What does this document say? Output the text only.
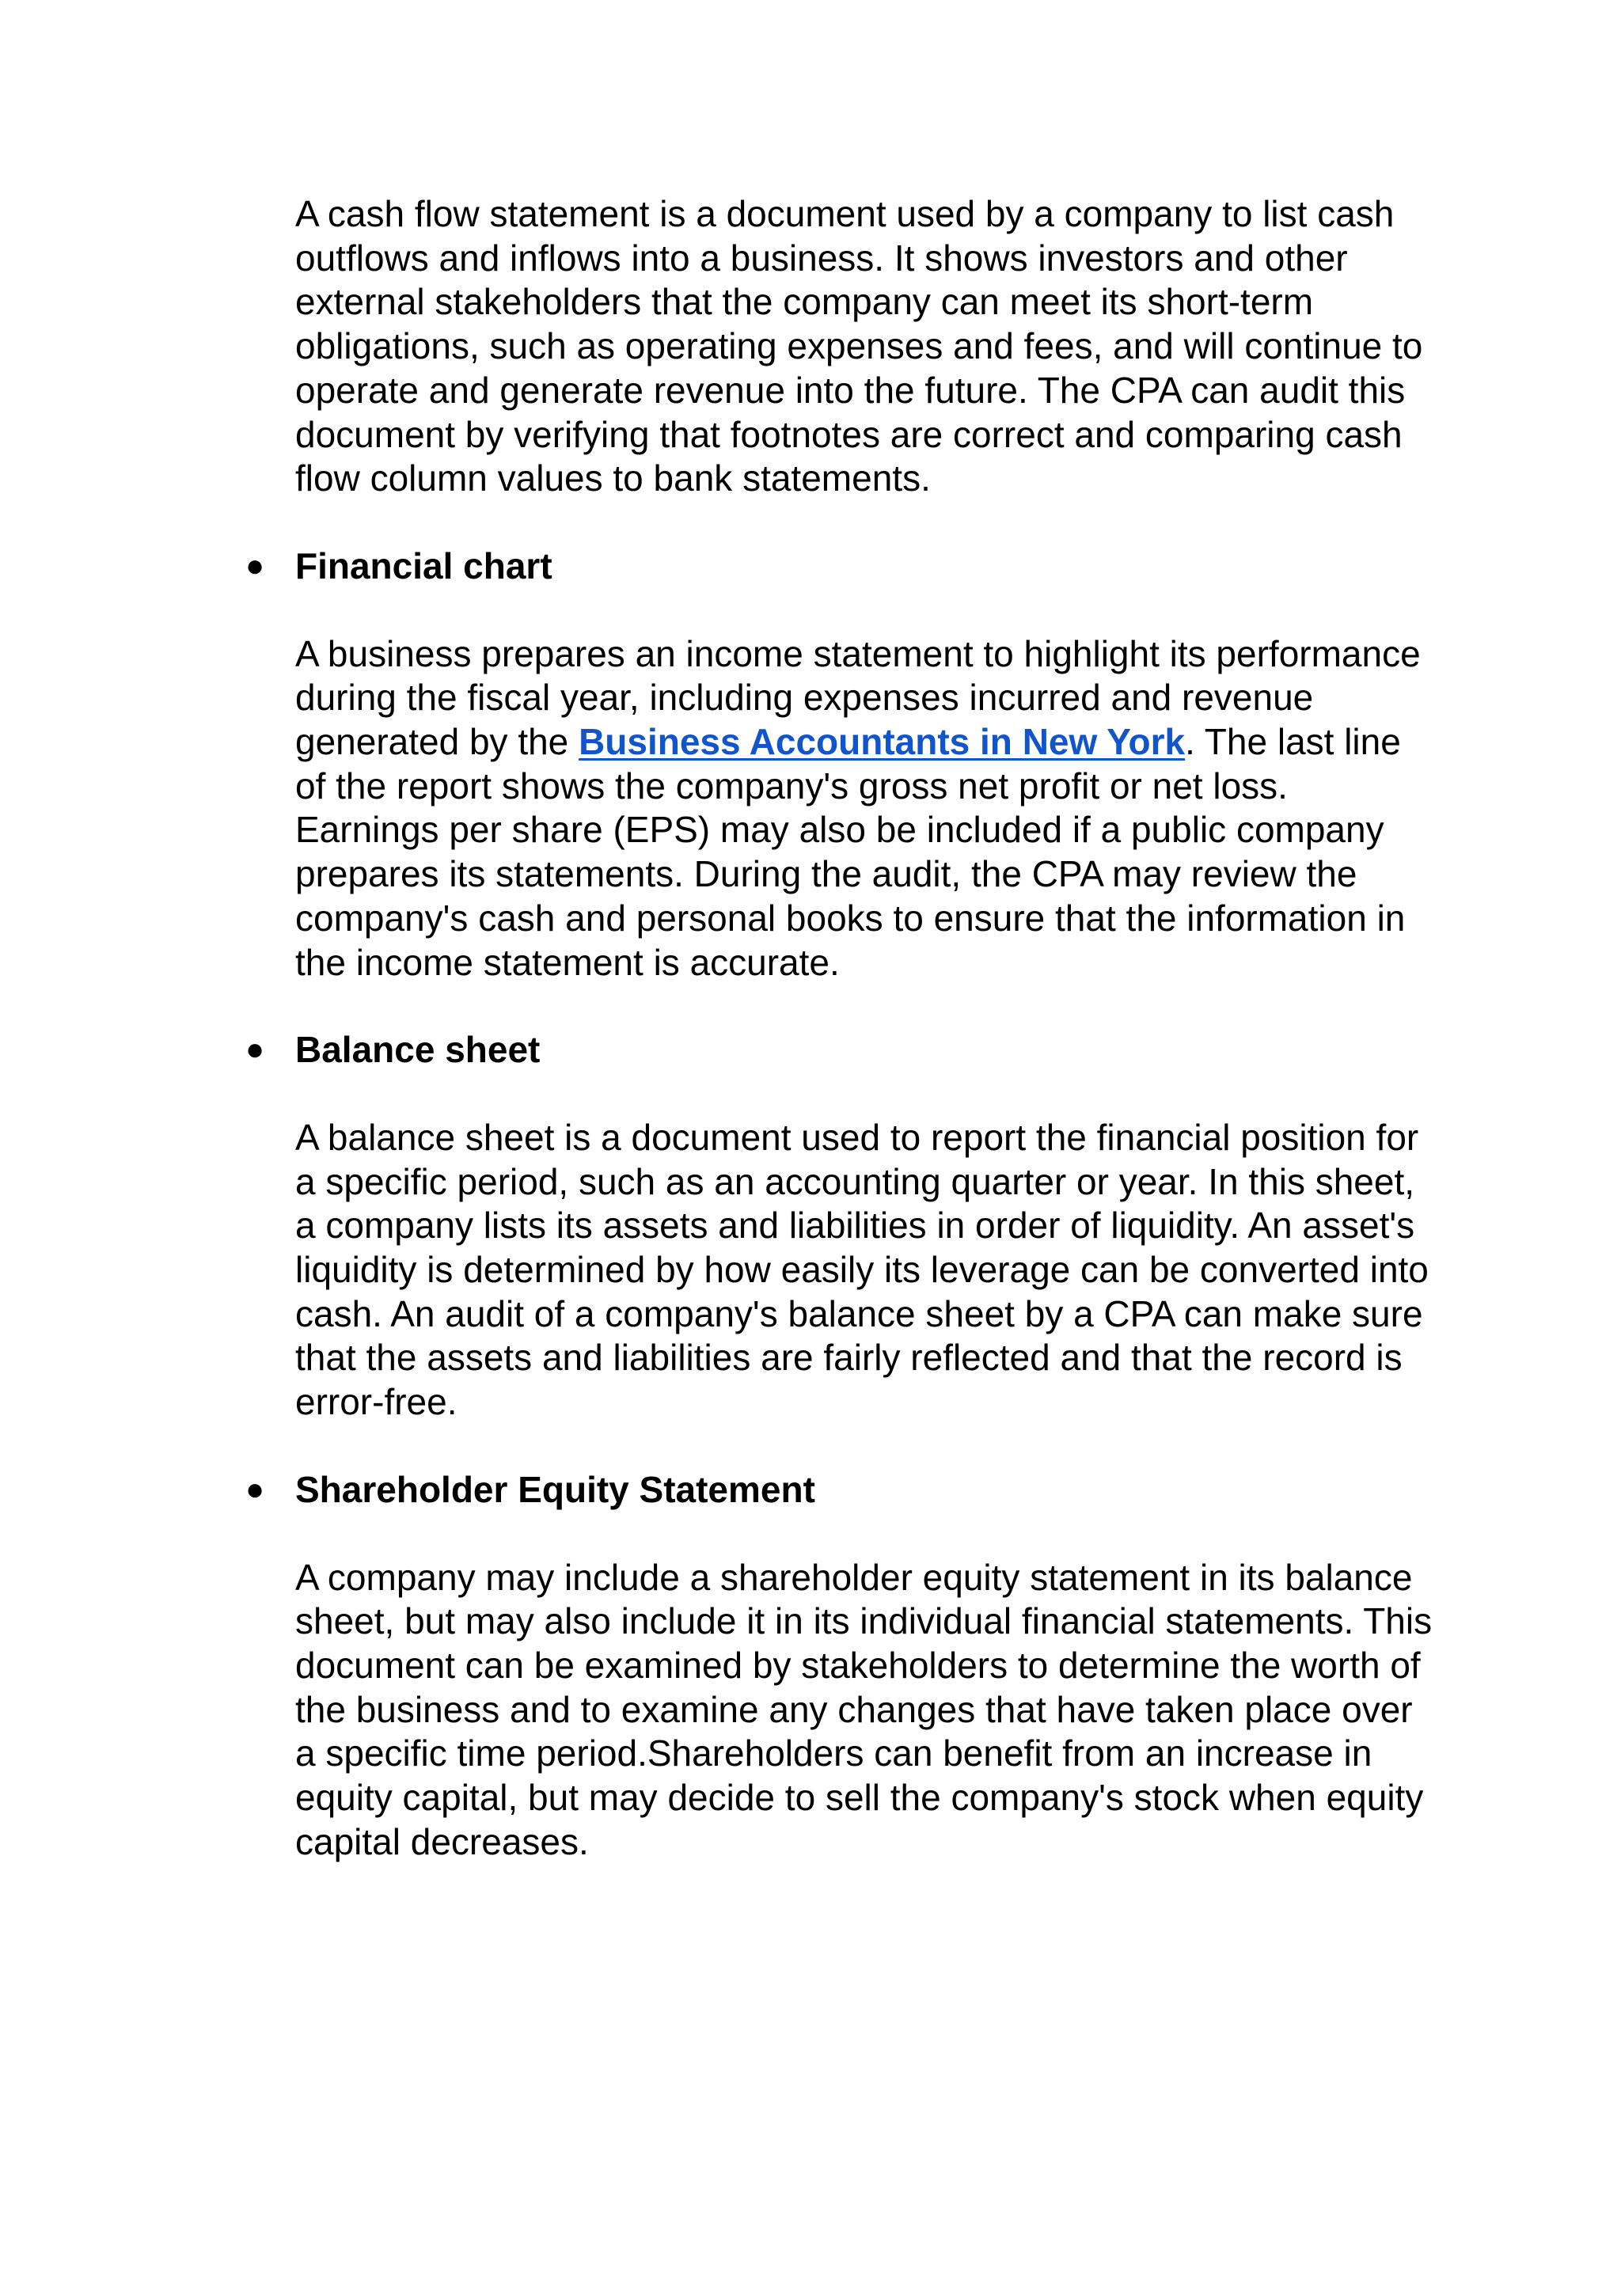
A cash flow statement is a document used by a company to list cash outflows and inflows into a business. It shows investors and other external stakeholders that the company can meet its short-term obligations, such as operating expenses and fees, and will continue to operate and generate revenue into the future. The CPA can audit this document by verifying that footnotes are correct and comparing cash flow column values to bank statements.

● Financial chart

A business prepares an income statement to highlight its performance during the fiscal year, including expenses incurred and revenue generated by the Business Accountants in New York. The last line of the report shows the company's gross net profit or net loss. Earnings per share (EPS) may also be included if a public company prepares its statements. During the audit, the CPA may review the company's cash and personal books to ensure that the information in the income statement is accurate.

● Balance sheet

A balance sheet is a document used to report the financial position for a specific period, such as an accounting quarter or year. In this sheet, a company lists its assets and liabilities in order of liquidity. An asset's liquidity is determined by how easily its leverage can be converted into cash. An audit of a company's balance sheet by a CPA can make sure that the assets and liabilities are fairly reflected and that the record is error-free.

● Shareholder Equity Statement

A company may include a shareholder equity statement in its balance sheet, but may also include it in its individual financial statements. This document can be examined by stakeholders to determine the worth of the business and to examine any changes that have taken place over a specific time period.Shareholders can benefit from an increase in equity capital, but may decide to sell the company's stock when equity capital decreases.
